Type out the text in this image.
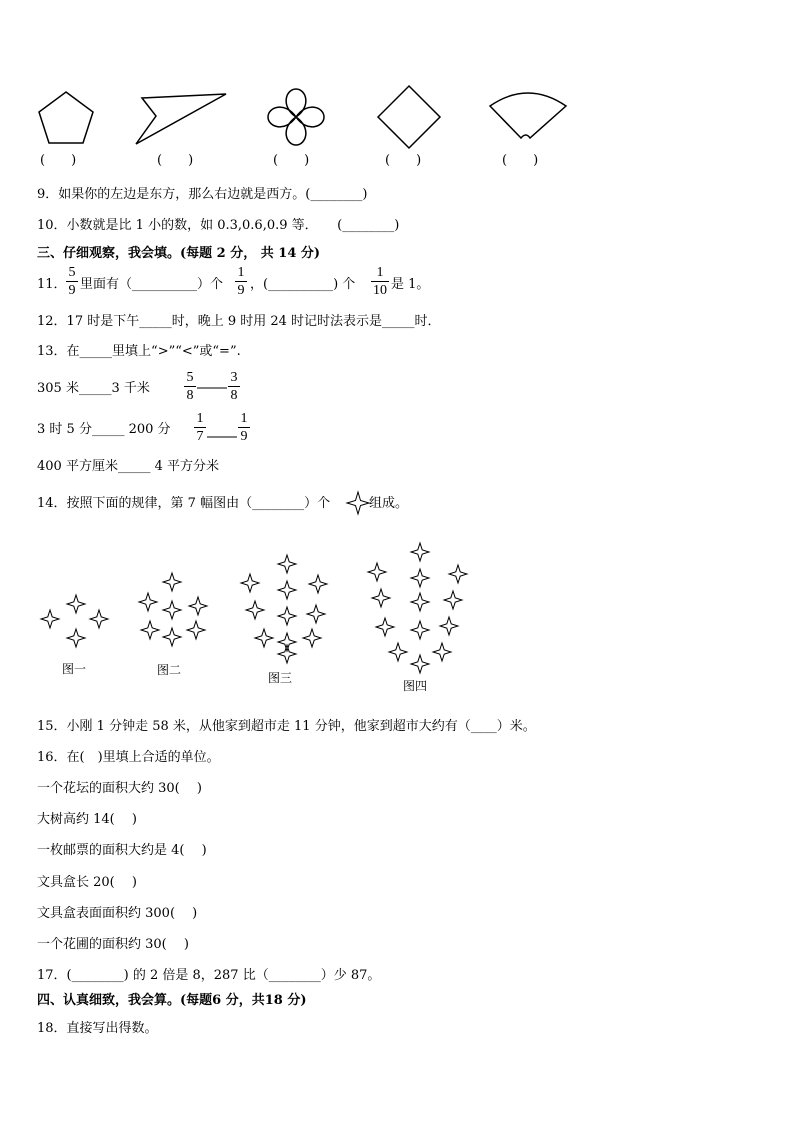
(　　)	(　　)	(　　)	(　　)	(　　)
9．如果你的左边是东方，那么右边就是西方。(________)
10．小数就是比 1 小的数，如 0.3,0.6,0.9 等．　　(________)
三、仔细观察，我会填。(每题 2 分， 共 14 分)
11．
5
9 里面有（__________）个
1
9 ，(__________) 个
1
10 是 1。
12．17 时是下午_____时，晚上 9 时用 24 时记时法表示是_____时．
13．在_____里填上“>”“<”或“=”.
305 米_____3 千米
5
8
3
8
3 时 5 分_____ 200 分
1
7
1
9
400 平方厘米_____ 4 平方分米
14．按照下面的规律，第 7 幅图由（________）个	组成。
图一	图二
图三
图四
15．小刚 1 分钟走 58 米，从他家到超市走 11 分钟，他家到超市大约有（____）米。
16．在(　)里填上合适的单位。
一个花坛的面积大约 30(　 )
大树高约 14(　 )
一枚邮票的面积大约是 4(　 )
文具盒长 20(　 )
文具盒表面面积约 300(　 )
一个花圃的面积约 30(　 )
17．(________) 的 2 倍是 8，287 比（________）少 87。
四、认真细致，我会算。(每题6 分，共18 分)
18．直接写出得数。
